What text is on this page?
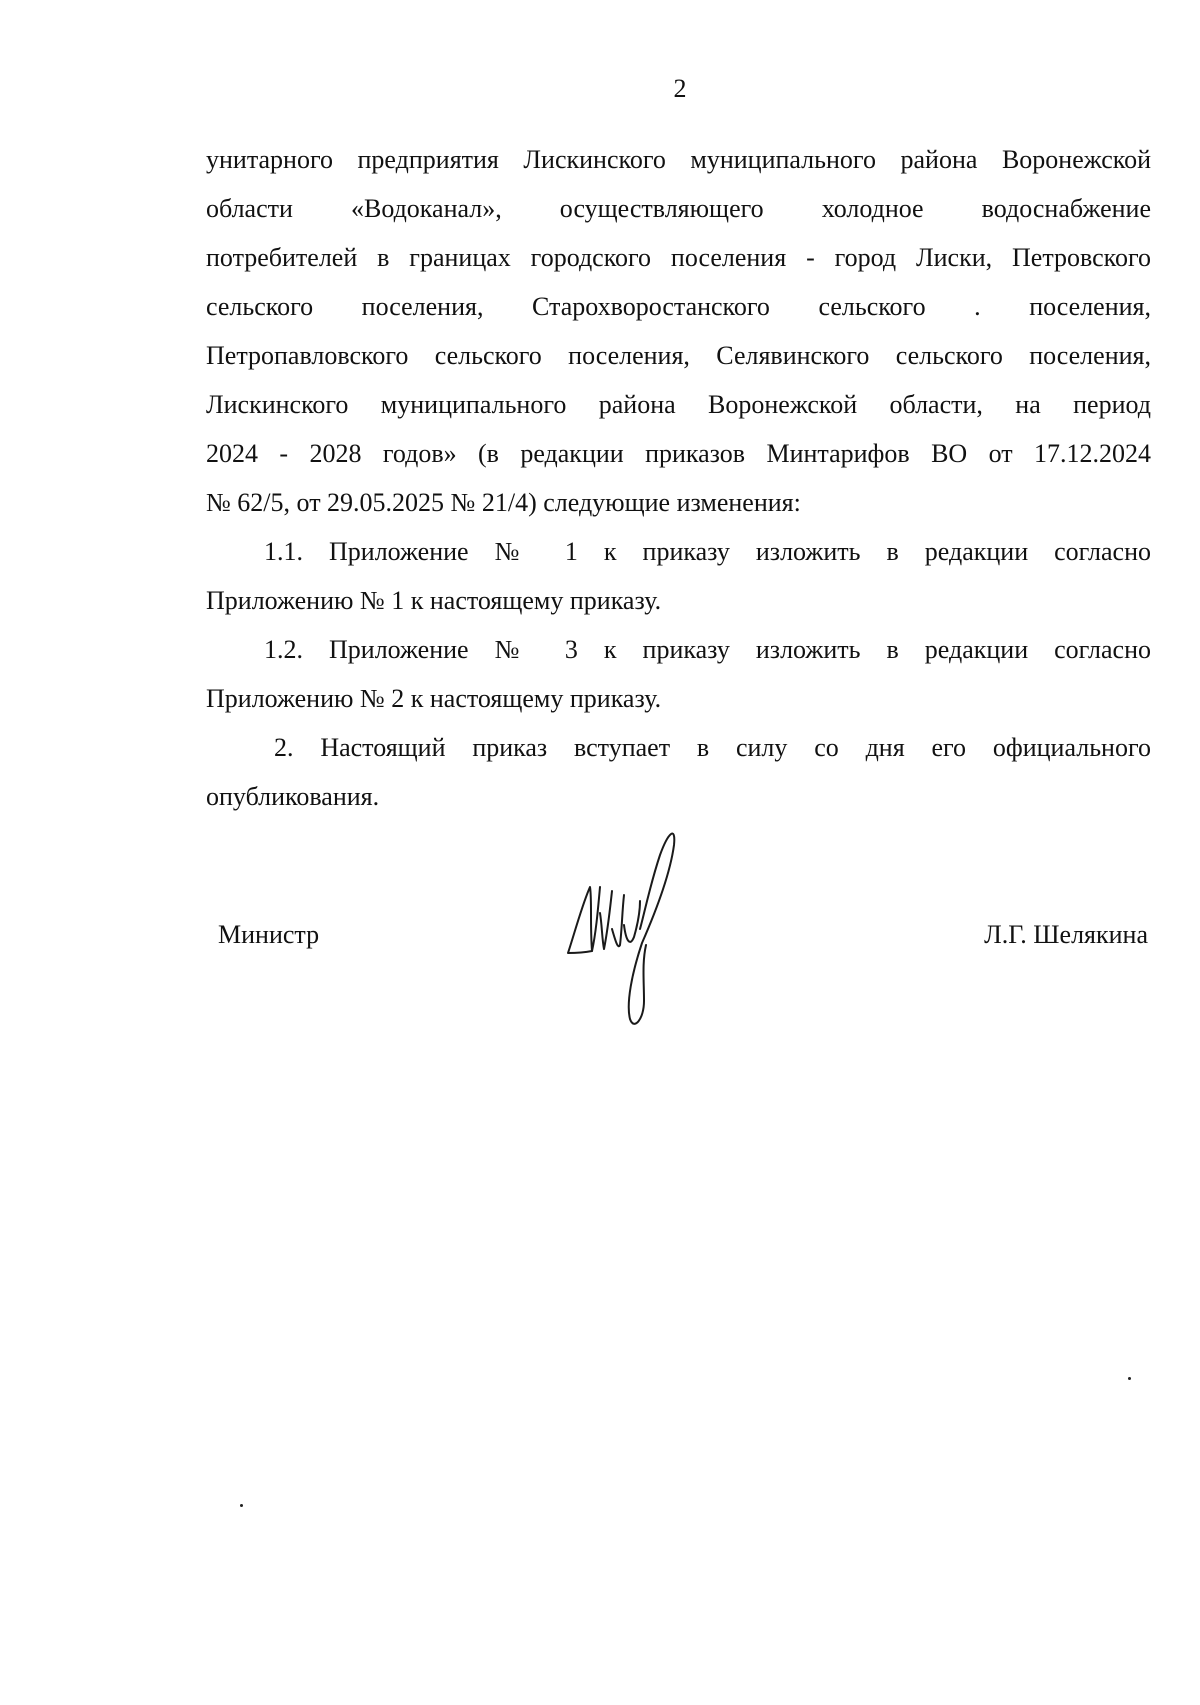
2

унитарного предприятия Лискинского муниципального района Воронежской

области «Водоканал», осуществляющего холодное водоснабжение

потребителей в границах городского поселения - город Лиски, Петровского

сельского поселения, Старохворостанского сельского . поселения,

Петропавловского сельского поселения, Селявинского сельского поселения,

Лискинского муниципального района Воронежской области, на период

2024 - 2028 годов» (в редакции приказов Минтарифов ВО от 17.12.2024

№ 62/5, от 29.05.2025 № 21/4) следующие изменения:

1.1. Приложение № 1 к приказу изложить в редакции согласно

Приложению № 1 к настоящему приказу.

1.2. Приложение № 3 к приказу изложить в редакции согласно

Приложению № 2 к настоящему приказу.

2. Настоящий приказ вступает в силу со дня его официального

опубликования.

Министр	Л.Г. Шелякина
